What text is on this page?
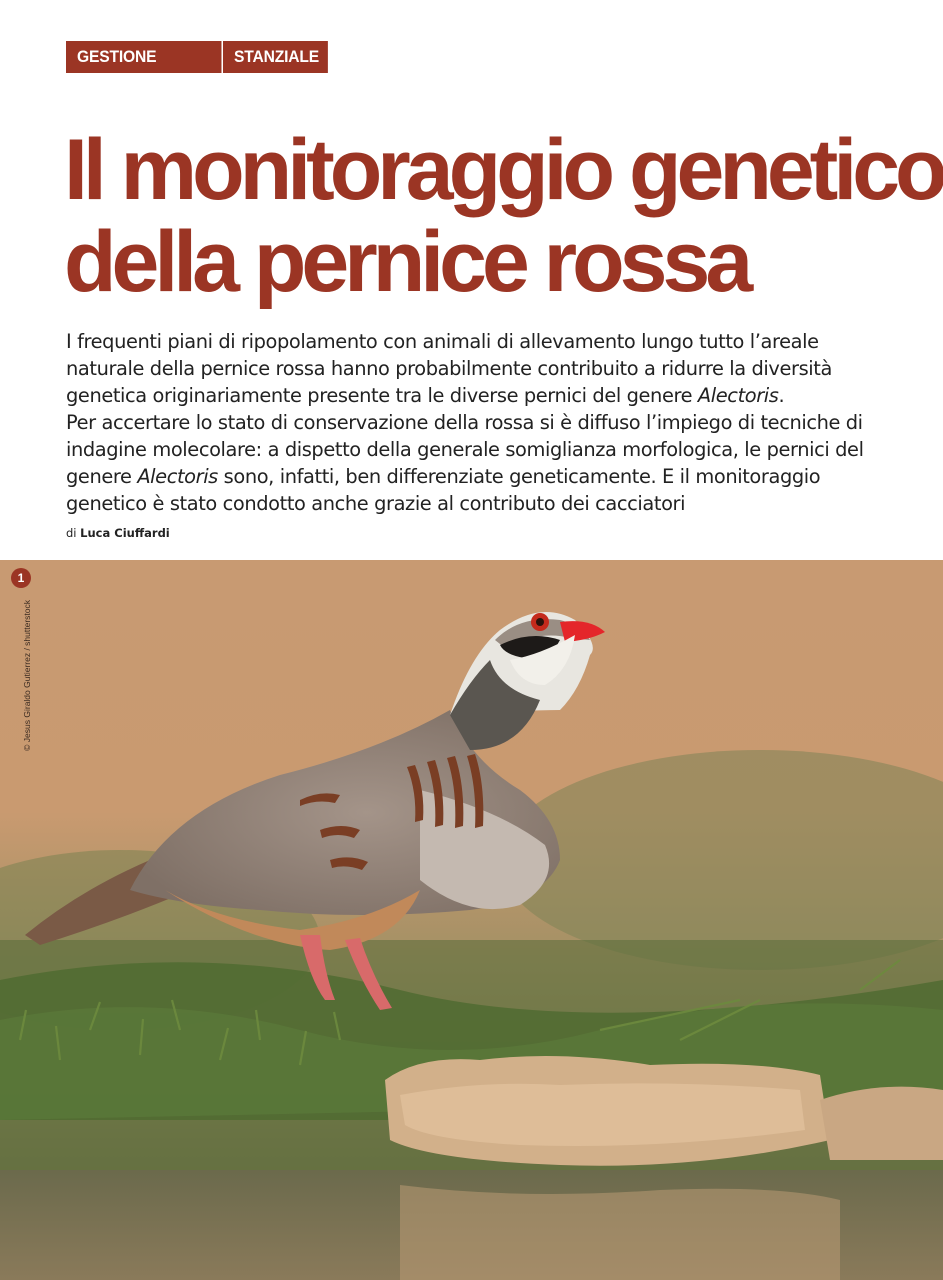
GESTIONE FAUNISTICA
STANZIALE
Il monitoraggio genetico
della pernice rossa

I frequenti piani di ripopolamento con animali di allevamento lungo tutto l’areale naturale della pernice rossa hanno probabilmente contribuito a ridurre la diversità genetica originariamente presente tra le diverse pernici del genere Alectoris.

Per accertare lo stato di conservazione della rossa si è diffuso l’impiego di tecniche di indagine molecolare: a dispetto della generale somiglianza morfologica, le pernici del genere Alectoris sono, infatti, ben differenziate geneticamente. E il monitoraggio genetico è stato condotto anche grazie al contributo dei cacciatori

di Luca Ciuffardi
1
© Jesus Giraldo Gutierrez / shutterstock
